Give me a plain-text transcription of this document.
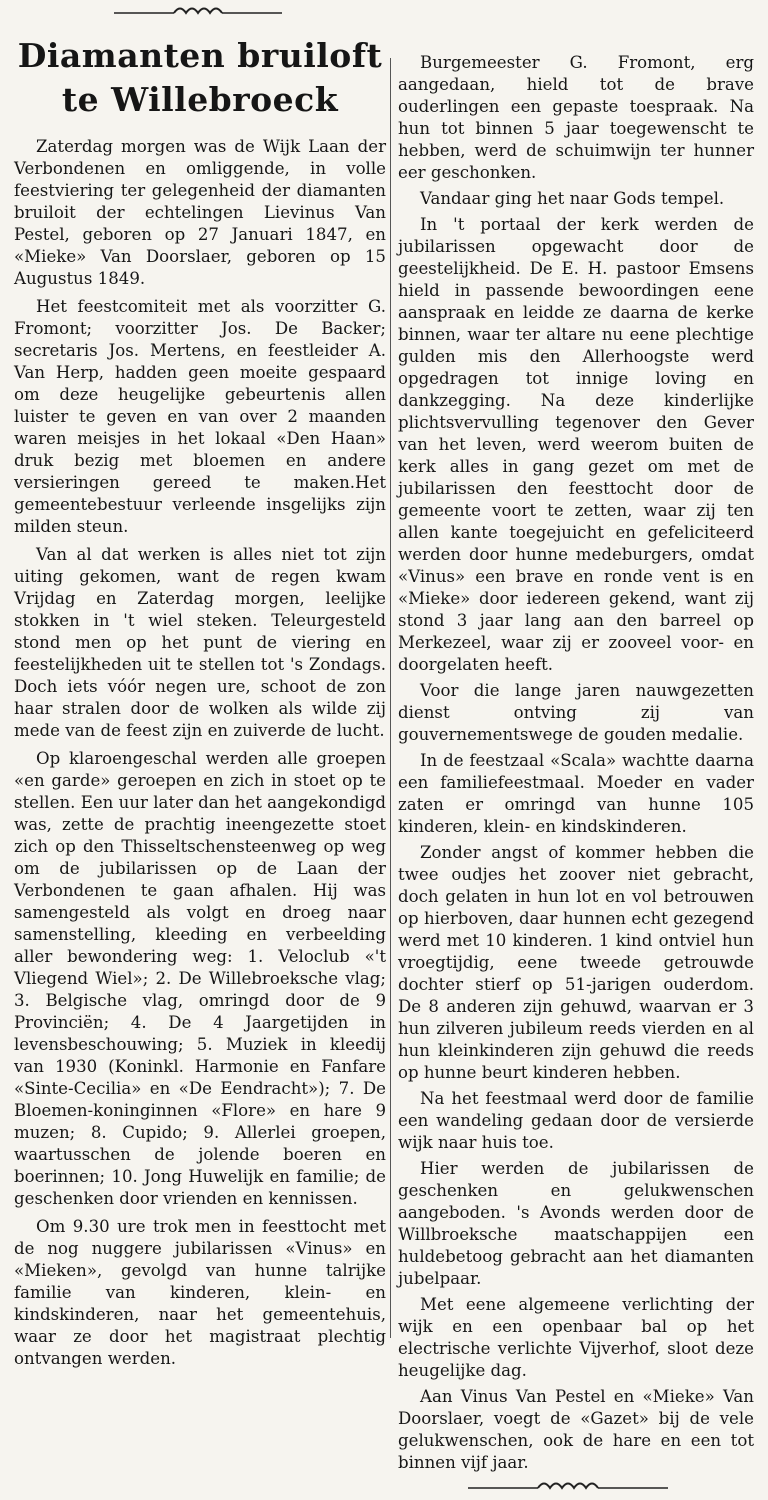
Diamanten bruiloft
te Willebroeck

Zaterdag morgen was de Wijk Laan der Verbondenen en omliggende, in volle feestviering ter gelegenheid der diamanten bruiloit der echtelingen Lievinus Van Pestel, geboren op 27 Januari 1847, en «Mieke» Van Doorslaer, geboren op 15 Augustus 1849.

Het feestcomiteit met als voorzitter G. Fromont; voorzitter Jos. De Backer; secretaris Jos. Mertens, en feestleider A. Van Herp, hadden geen moeite gespaard om deze heugelijke gebeurtenis allen luister te geven en van over 2 maanden waren meisjes in het lokaal «Den Haan» druk bezig met bloemen en andere versieringen gereed te maken.Het gemeentebestuur verleende insgelijks zijn milden steun.

Van al dat werken is alles niet tot zijn uiting gekomen, want de regen kwam Vrijdag en Zaterdag morgen, leelijke stokken in 't wiel steken. Teleurgesteld stond men op het punt de viering en feestelijkheden uit te stellen tot 's Zondags. Doch iets vóór negen ure, schoot de zon haar stralen door de wolken als wilde zij mede van de feest zijn en zuiverde de lucht.

Op klaroengeschal werden alle groepen «en garde» geroepen en zich in stoet op te stellen. Een uur later dan het aangekondigd was, zette de prachtig ineengezette stoet zich op den Thisseltschensteenweg op weg om de jubilarissen op de Laan der Verbondenen te gaan afhalen. Hij was samengesteld als volgt en droeg naar samenstelling, kleeding en verbeelding aller bewondering weg: 1. Veloclub «'t Vliegend Wiel»; 2. De Willebroeksche vlag; 3. Belgische vlag, omringd door de 9 Provinciën; 4. De 4 Jaargetijden in levensbeschouwing; 5. Muziek in kleedij van 1930 (Koninkl. Harmonie en Fanfare «Sinte-Cecilia» en «De Eendracht»); 7. De Bloemen-koninginnen «Flore» en hare 9 muzen; 8. Cupido; 9. Allerlei groepen, waartusschen de jolende boeren en boerinnen; 10. Jong Huwelijk en familie; de geschenken door vrienden en kennissen.

Om 9.30 ure trok men in feesttocht met de nog nuggere jubilarissen «Vinus» en «Mieken», gevolgd van hunne talrijke familie van kinderen, klein- en kindskinderen, naar het gemeentehuis, waar ze door het magistraat plechtig ontvangen werden.

Burgemeester G. Fromont, erg aangedaan, hield tot de brave ouderlingen een gepaste toespraak. Na hun tot binnen 5 jaar toegewenscht te hebben, werd de schuimwijn ter hunner eer geschonken.

Vandaar ging het naar Gods tempel.

In 't portaal der kerk werden de jubilarissen opgewacht door de geestelijkheid. De E. H. pastoor Emsens hield in passende bewoordingen eene aanspraak en leidde ze daarna de kerke binnen, waar ter altare nu eene plechtige gulden mis den Allerhoogste werd opgedragen tot innige loving en dankzegging. Na deze kinderlijke plichtsvervulling tegenover den Gever van het leven, werd weerom buiten de kerk alles in gang gezet om met de jubilarissen den feesttocht door de gemeente voort te zetten, waar zij ten allen kante toegejuicht en gefeliciteerd werden door hunne medeburgers, omdat «Vinus» een brave en ronde vent is en «Mieke» door iedereen gekend, want zij stond 3 jaar lang aan den barreel op Merkezeel, waar zij er zooveel voor- en doorgelaten heeft.

Voor die lange jaren nauwgezetten dienst ontving zij van gouvernementswege de gouden medalie.

In de feestzaal «Scala» wachtte daarna een familiefeestmaal. Moeder en vader zaten er omringd van hunne 105 kinderen, klein- en kindskinderen.

Zonder angst of kommer hebben die twee oudjes het zoover niet gebracht, doch gelaten in hun lot en vol betrouwen op hierboven, daar hunnen echt gezegend werd met 10 kinderen. 1 kind ontviel hun vroegtijdig, eene tweede getrouwde dochter stierf op 51-jarigen ouderdom. De 8 anderen zijn gehuwd, waarvan er 3 hun zilveren jubileum reeds vierden en al hun kleinkinderen zijn gehuwd die reeds op hunne beurt kinderen hebben.

Na het feestmaal werd door de familie een wandeling gedaan door de versierde wijk naar huis toe.

Hier werden de jubilarissen de geschenken en gelukwenschen aangeboden. 's Avonds werden door de Willbroeksche maatschappijen een huldebetoog gebracht aan het diamanten jubelpaar.

Met eene algemeene verlichting der wijk en een openbaar bal op het electrische verlichte Vijverhof, sloot deze heugelijke dag.

Aan Vinus Van Pestel en «Mieke» Van Doorslaer, voegt de «Gazet» bij de vele gelukwenschen, ook de hare en een tot binnen vijf jaar.
